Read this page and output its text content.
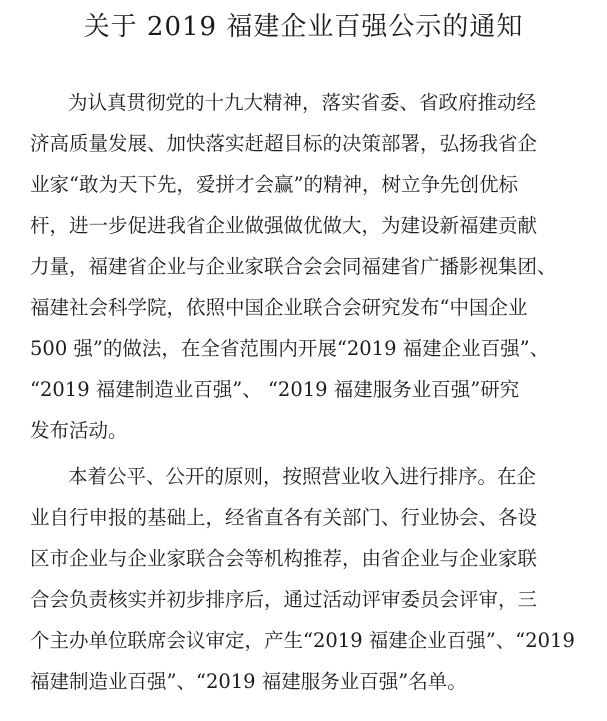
关于 2019 福建企业百强公示的通知
为认真贯彻党的十九大精神，落实省委、省政府推动经
济高质量发展、加快落实赶超目标的决策部署，弘扬我省企
业家“敢为天下先，爱拼才会赢”的精神，树立争先创优标
杆，进一步促进我省企业做强做优做大，为建设新福建贡献
力量，福建省企业与企业家联合会会同福建省广播影视集团、
福建社会科学院，依照中国企业联合会研究发布“中国企业
500 强”的做法，在全省范围内开展“2019 福建企业百强”、
“2019 福建制造业百强”、 “2019 福建服务业百强”研究
发布活动。
本着公平、公开的原则，按照营业收入进行排序。在企
业自行申报的基础上，经省直各有关部门、行业协会、各设
区市企业与企业家联合会等机构推荐，由省企业与企业家联
合会负责核实并初步排序后，通过活动评审委员会评审，三
个主办单位联席会议审定，产生“2019 福建企业百强”、“2019
福建制造业百强”、“2019 福建服务业百强”名单。
